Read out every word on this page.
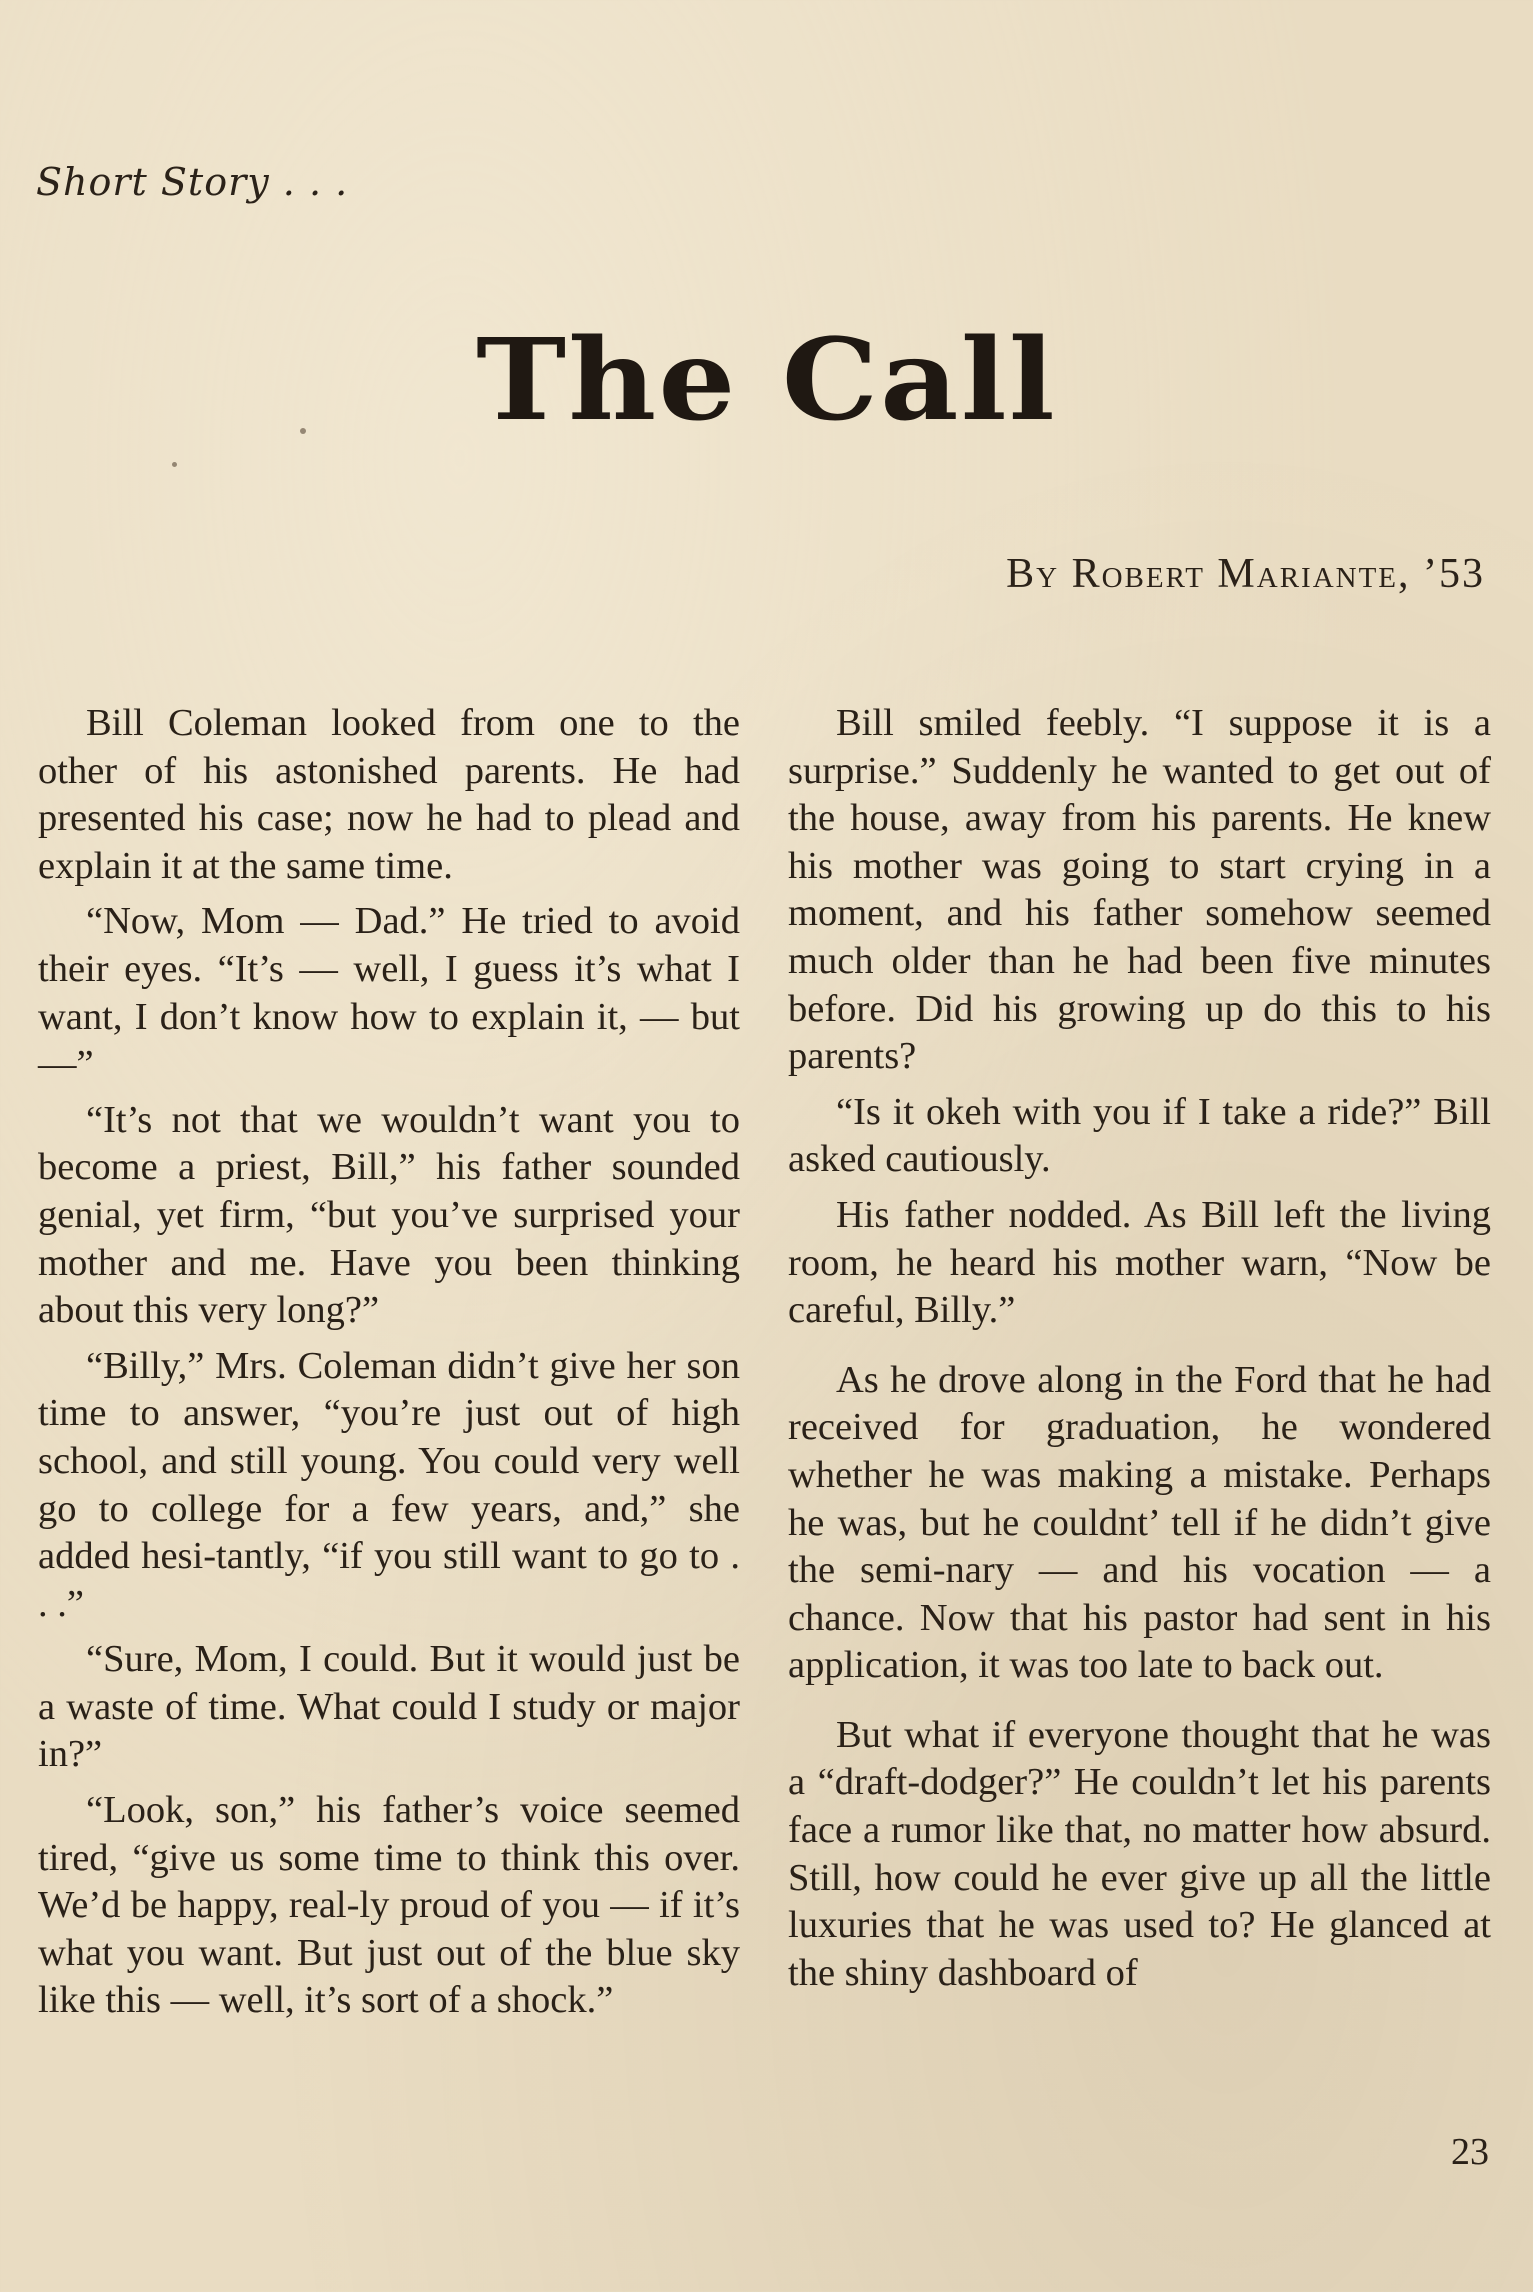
Short Story . . .
The Call
By Robert Mariante, ’53

Bill Coleman looked from one to the other of his astonished parents. He had presented his case; now he had to plead and explain it at the same time.

“Now, Mom — Dad.” He tried to avoid their eyes. “It’s — well, I guess it’s what I want, I don’t know how to explain it, — but —”

“It’s not that we wouldn’t want you to become a priest, Bill,” his father sounded genial, yet firm, “but you’ve surprised your mother and me. Have you been thinking about this very long?”

“Billy,” Mrs. Coleman didn’t give her son time to answer, “you’re just out of high school, and still young. You could very well go to college for a few years, and,” she added hesi-tantly, “if you still want to go to . . .”

“Sure, Mom, I could. But it would just be a waste of time. What could I study or major in?”

“Look, son,” his father’s voice seemed tired, “give us some time to think this over. We’d be happy, real-ly proud of you — if it’s what you want. But just out of the blue sky like this — well, it’s sort of a shock.”

Bill smiled feebly. “I suppose it is a surprise.” Suddenly he wanted to get out of the house, away from his parents. He knew his mother was going to start crying in a moment, and his father somehow seemed much older than he had been five minutes before. Did his growing up do this to his parents?

“Is it okeh with you if I take a ride?” Bill asked cautiously.

His father nodded. As Bill left the living room, he heard his mother warn, “Now be careful, Billy.”

As he drove along in the Ford that he had received for graduation, he wondered whether he was making a mistake. Perhaps he was, but he couldnt’ tell if he didn’t give the semi-nary — and his vocation — a chance. Now that his pastor had sent in his application, it was too late to back out.

But what if everyone thought that he was a “draft-dodger?” He couldn’t let his parents face a rumor like that, no matter how absurd. Still, how could he ever give up all the little luxuries that he was used to? He glanced at the shiny dashboard of

23
